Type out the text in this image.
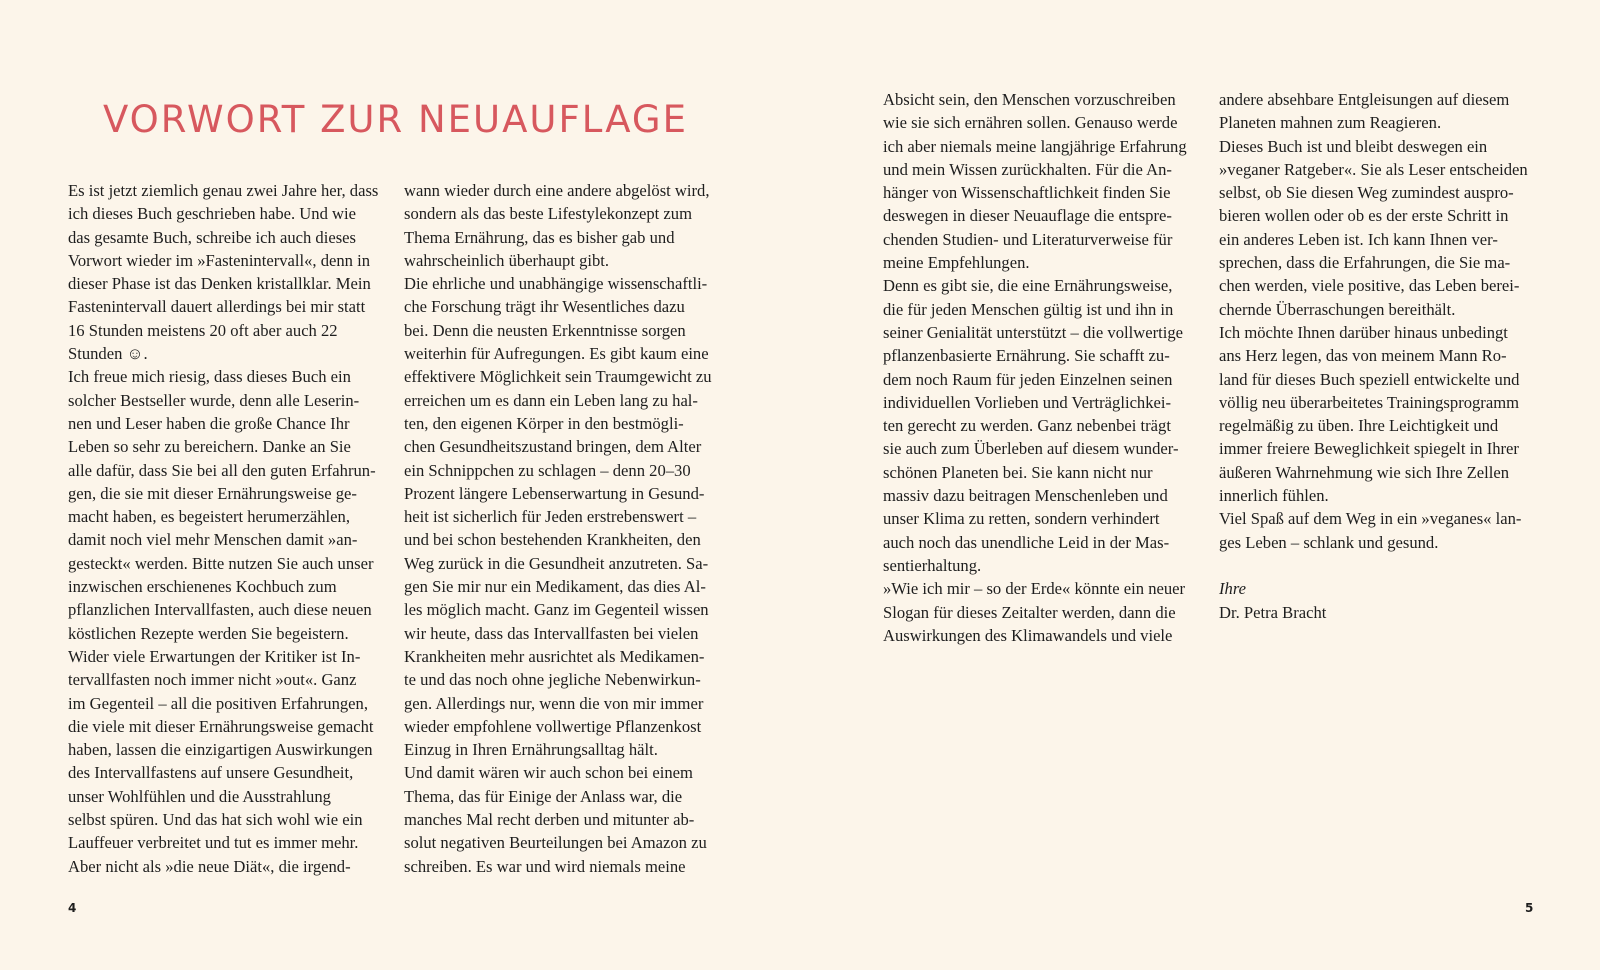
VORWORT ZUR NEUAUFLAGE
Es ist jetzt ziemlich genau zwei Jahre her, dass
ich dieses Buch geschrieben habe. Und wie
das gesamte Buch, schreibe ich auch dieses
Vorwort wieder im »Fastenintervall«, denn in
dieser Phase ist das Denken kristallklar. Mein
Fastenintervall dauert allerdings bei mir statt
16 Stunden meistens 20 oft aber auch 22
Stunden ☺.
Ich freue mich riesig, dass dieses Buch ein
solcher Bestseller wurde, denn alle Leserin-
nen und Leser haben die große Chance Ihr
Leben so sehr zu bereichern. Danke an Sie
alle dafür, dass Sie bei all den guten Erfahrun-
gen, die sie mit dieser Ernährungsweise ge-
macht haben, es begeistert herumerzählen,
damit noch viel mehr Menschen damit »an-
gesteckt« werden. Bitte nutzen Sie auch unser
inzwischen erschienenes Kochbuch zum
pflanzlichen Intervallfasten, auch diese neuen
köstlichen Rezepte werden Sie begeistern.
Wider viele Erwartungen der Kritiker ist In-
tervallfasten noch immer nicht »out«. Ganz
im Gegenteil – all die positiven Erfahrungen,
die viele mit dieser Ernährungsweise gemacht
haben, lassen die einzigartigen Auswirkungen
des Intervallfastens auf unsere Gesundheit,
unser Wohlfühlen und die Ausstrahlung
selbst spüren. Und das hat sich wohl wie ein
Lauffeuer verbreitet und tut es immer mehr.
Aber nicht als »die neue Diät«, die irgend-
wann wieder durch eine andere abgelöst wird,
sondern als das beste Lifestylekonzept zum
Thema Ernährung, das es bisher gab und
wahrscheinlich überhaupt gibt.
Die ehrliche und unabhängige wissenschaftli-
che Forschung trägt ihr Wesentliches dazu
bei. Denn die neusten Erkenntnisse sorgen
weiterhin für Aufregungen. Es gibt kaum eine
effektivere Möglichkeit sein Traumgewicht zu
erreichen um es dann ein Leben lang zu hal-
ten, den eigenen Körper in den bestmögli-
chen Gesundheitszustand bringen, dem Alter
ein Schnippchen zu schlagen – denn 20–30
Prozent längere Lebenserwartung in Gesund-
heit ist sicherlich für Jeden erstrebenswert –
und bei schon bestehenden Krankheiten, den
Weg zurück in die Gesundheit anzutreten. Sa-
gen Sie mir nur ein Medikament, das dies Al-
les möglich macht. Ganz im Gegenteil wissen
wir heute, dass das Intervallfasten bei vielen
Krankheiten mehr ausrichtet als Medikamen-
te und das noch ohne jegliche Nebenwirkun-
gen. Allerdings nur, wenn die von mir immer
wieder empfohlene vollwertige Pflanzenkost
Einzug in Ihren Ernährungsalltag hält.
Und damit wären wir auch schon bei einem
Thema, das für Einige der Anlass war, die
manches Mal recht derben und mitunter ab-
solut negativen Beurteilungen bei Amazon zu
schreiben. Es war und wird niemals meine
Absicht sein, den Menschen vorzuschreiben
wie sie sich ernähren sollen. Genauso werde
ich aber niemals meine langjährige Erfahrung
und mein Wissen zurückhalten. Für die An-
hänger von Wissenschaftlichkeit finden Sie
deswegen in dieser Neuauflage die entspre-
chenden Studien- und Literaturverweise für
meine Empfehlungen.
Denn es gibt sie, die eine Ernährungsweise,
die für jeden Menschen gültig ist und ihn in
seiner Genialität unterstützt – die vollwertige
pflanzenbasierte Ernährung. Sie schafft zu-
dem noch Raum für jeden Einzelnen seinen
individuellen Vorlieben und Verträglichkei-
ten gerecht zu werden. Ganz nebenbei trägt
sie auch zum Überleben auf diesem wunder-
schönen Planeten bei. Sie kann nicht nur
massiv dazu beitragen Menschenleben und
unser Klima zu retten, sondern verhindert
auch noch das unendliche Leid in der Mas-
sentierhaltung.
»Wie ich mir – so der Erde« könnte ein neuer
Slogan für dieses Zeitalter werden, dann die
Auswirkungen des Klimawandels und viele
andere absehbare Entgleisungen auf diesem
Planeten mahnen zum Reagieren.
Dieses Buch ist und bleibt deswegen ein
»veganer Ratgeber«. Sie als Leser entscheiden
selbst, ob Sie diesen Weg zumindest auspro-
bieren wollen oder ob es der erste Schritt in
ein anderes Leben ist. Ich kann Ihnen ver-
sprechen, dass die Erfahrungen, die Sie ma-
chen werden, viele positive, das Leben berei-
chernde Überraschungen bereithält.
Ich möchte Ihnen darüber hinaus unbedingt
ans Herz legen, das von meinem Mann Ro-
land für dieses Buch speziell entwickelte und
völlig neu überarbeitetes Trainingsprogramm
regelmäßig zu üben. Ihre Leichtigkeit und
immer freiere Beweglichkeit spiegelt in Ihrer
äußeren Wahrnehmung wie sich Ihre Zellen
innerlich fühlen.
Viel Spaß auf dem Weg in ein »veganes« lan-
ges Leben – schlank und gesund.
Ihre
Dr. Petra Bracht
4	5
